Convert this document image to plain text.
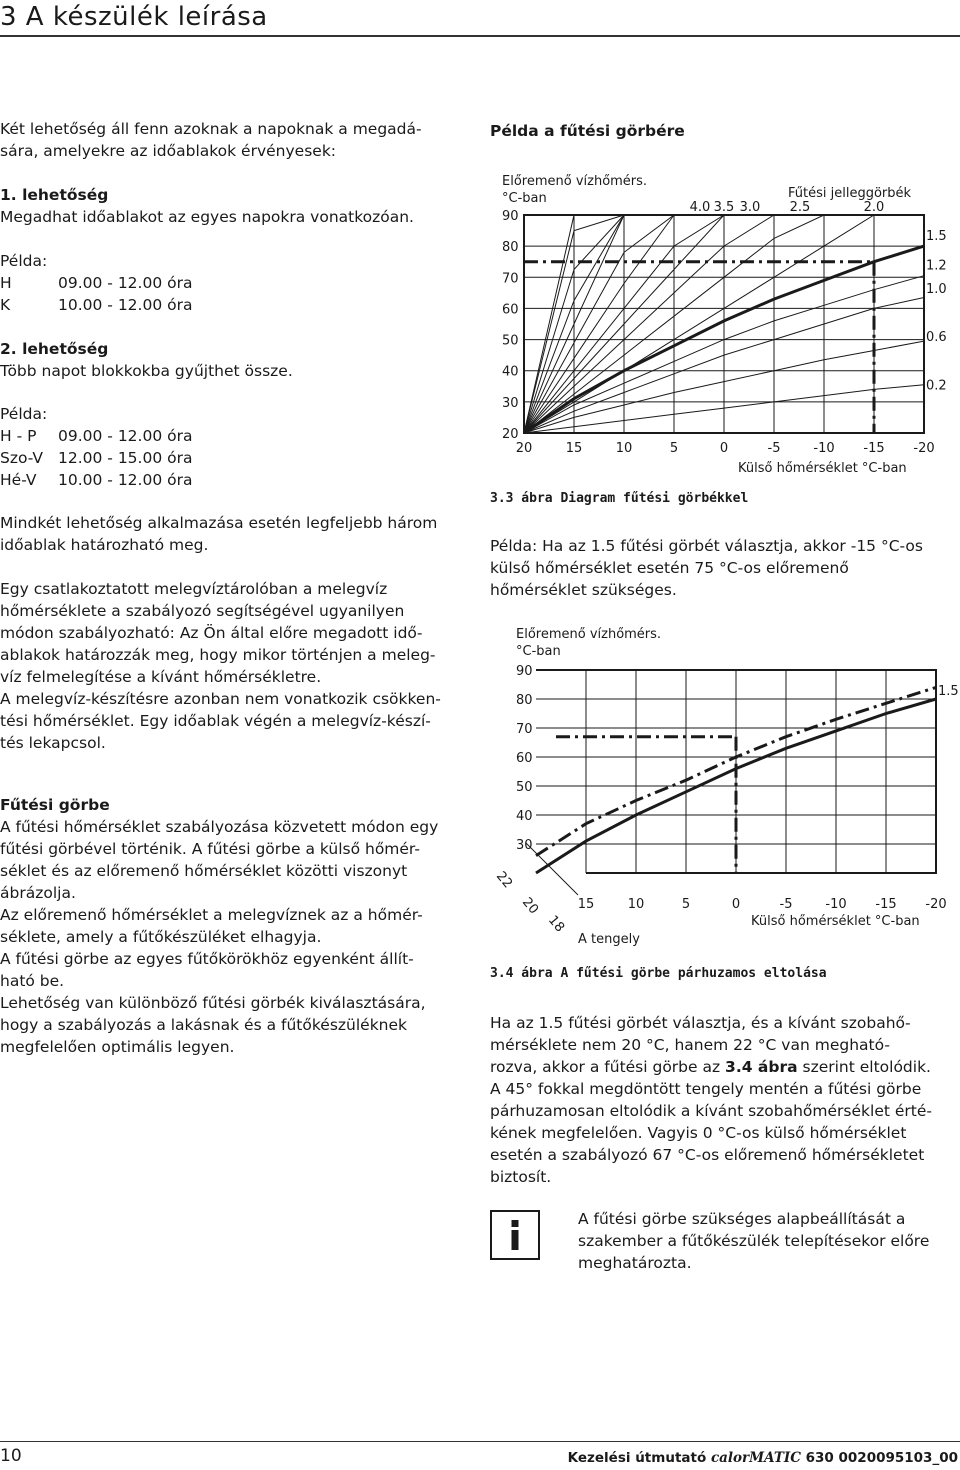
3 A készülék leírása
Két lehetőség áll fenn azoknak a napoknak a megadá-
sára, amelyekre az időablakok érvényesek:
1. lehetőség
Megadhat időablakot az egyes napokra vonatkozóan.
Példa:
H	09.00 - 12.00 óra
K	10.00 - 12.00 óra
2. lehetőség
Több napot blokkokba gyűjthet össze.
Példa:
H - P	09.00 - 12.00 óra
Szo-V 12.00 - 15.00 óra
Hé-V	10.00 - 12.00 óra
Mindkét lehetőség alkalmazása esetén legfeljebb három
időablak határozható meg.
Egy csatlakoztatott melegvíztárolóban a melegvíz
hőmérséklete a szabályozó segítségével ugyanilyen
módon szabályozható: Az Ön által előre megadott idő-
ablakok határozzák meg, hogy mikor történjen a meleg-
víz felmelegítése a kívánt hőmérsékletre.
A melegvíz-készítésre azonban nem vonatkozik csökken-
tési hőmérséklet. Egy időablak végén a melegvíz-készí-
tés lekapcsol.
Fűtési görbe
A fűtési hőmérséklet szabályozása közvetett módon egy
fűtési görbével történik. A fűtési görbe a külső hőmér-
séklet és az előremenő hőmérséklet közötti viszonyt
ábrázolja.
Az előremenő hőmérséklet a melegvíznek az a hőmér-
séklete, amely a fűtőkészüléket elhagyja.
A fűtési görbe az egyes fűtőkörökhöz egyenként állít-
ható be.
Lehetőség van különböző fűtési görbék kiválasztására,
hogy a szabályozás a lakásnak és a fűtőkészüléknek
megfelelően optimális legyen.
Példa a fűtési görbére
20
30
40
50
60
70
80
90
20	15	10	5	0	-5	-10 -15 -20
4.0 3.5 3.0 2.5	2.0
1.5
1.2
1.0
0.6
0.2
Előremenő vízhőmérs.
°C-ban	Fűtési jelleggörbék
Külső hőmérséklet °C-ban
3.3 ábra Diagram fűtési görbékkel
Példa: Ha az 1.5 fűtési görbét választja, akkor -15 °C-os
külső hőmérséklet esetén 75 °C-os előremenő
hőmérséklet szükséges.
30
40
50
60
70
80
90
15	10	5	0	-5	-10 -15 -20
22
20
18
1.5
Előremenő vízhőmérs.
°C-ban
Külső hőmérséklet °C-ban
A tengely
3.4 ábra A fűtési görbe párhuzamos eltolása
Ha az 1.5 fűtési görbét választja, és a kívánt szobahő-
mérséklete nem 20 °C, hanem 22 °C van megható-
rozva, akkor a fűtési görbe az 3.4 ábra szerint eltolódik.
A 45° fokkal megdöntött tengely mentén a fűtési görbe
párhuzamosan eltolódik a kívánt szobahőmérséklet érté-
kének megfelelően. Vagyis 0 °C-os külső hőmérséklet
esetén a szabályozó 67 °C-os előremenő hőmérsékletet
biztosít.
A fűtési görbe szükséges alapbeállítását a
szakember a fűtőkészülék telepítésekor előre
meghatározta.
10	Kezelési útmutató calorMATIC 630 0020095103_00
